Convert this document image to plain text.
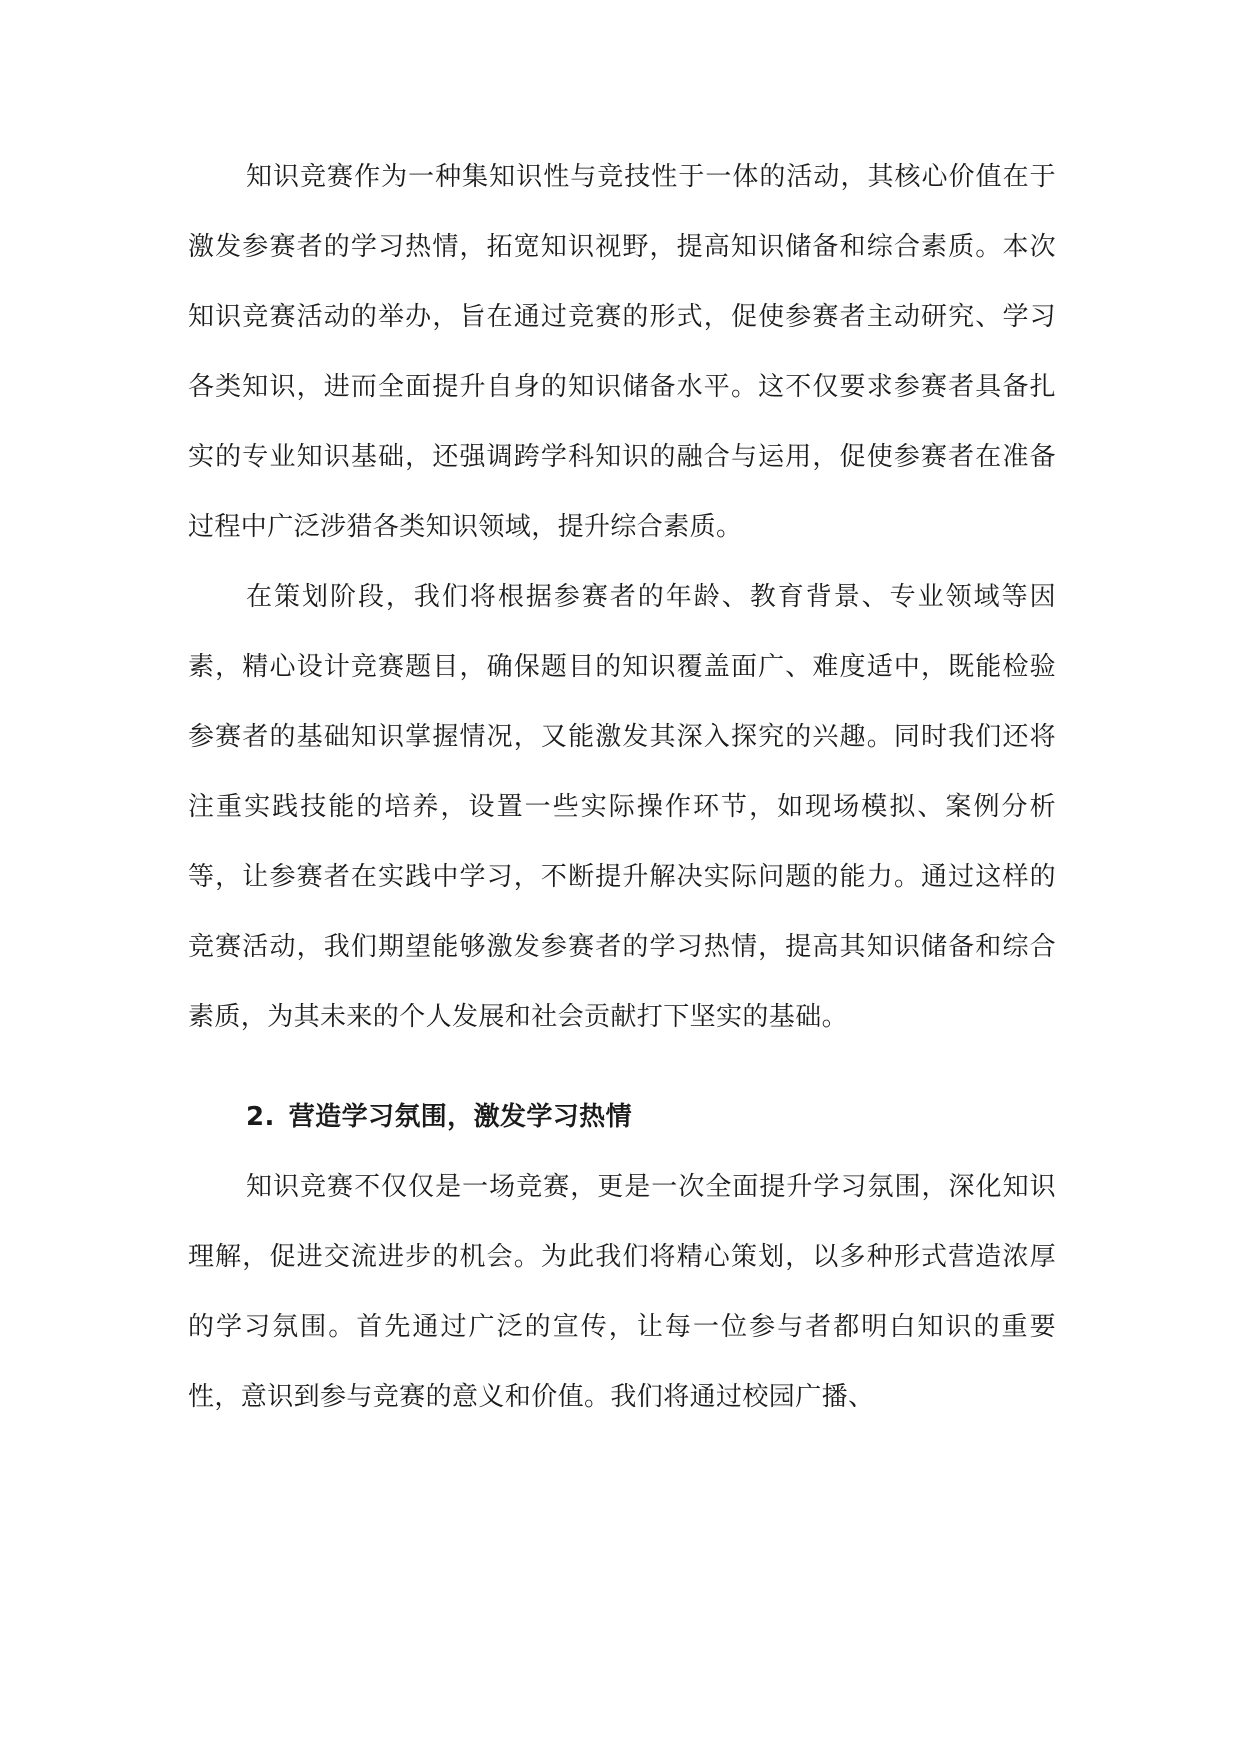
知识竞赛作为一种集知识性与竞技性于一体的活动，其核心价值在于激发参赛者的学习热情，拓宽知识视野，提高知识储备和综合素质。本次知识竞赛活动的举办，旨在通过竞赛的形式，促使参赛者主动研究、学习各类知识，进而全面提升自身的知识储备水平。这不仅要求参赛者具备扎实的专业知识基础，还强调跨学科知识的融合与运用，促使参赛者在准备过程中广泛涉猎各类知识领域，提升综合素质。

在策划阶段，我们将根据参赛者的年龄、教育背景、专业领域等因素，精心设计竞赛题目，确保题目的知识覆盖面广、难度适中，既能检验参赛者的基础知识掌握情况，又能激发其深入探究的兴趣。同时我们还将注重实践技能的培养，设置一些实际操作环节，如现场模拟、案例分析等，让参赛者在实践中学习，不断提升解决实际问题的能力。通过这样的竞赛活动，我们期望能够激发参赛者的学习热情，提高其知识储备和综合素质，为其未来的个人发展和社会贡献打下坚实的基础。

2. 营造学习氛围，激发学习热情

知识竞赛不仅仅是一场竞赛，更是一次全面提升学习氛围，深化知识理解，促进交流进步的机会。为此我们将精心策划，以多种形式营造浓厚的学习氛围。首先通过广泛的宣传，让每一位参与者都明白知识的重要性，意识到参与竞赛的意义和价值。我们将通过校园广播、
